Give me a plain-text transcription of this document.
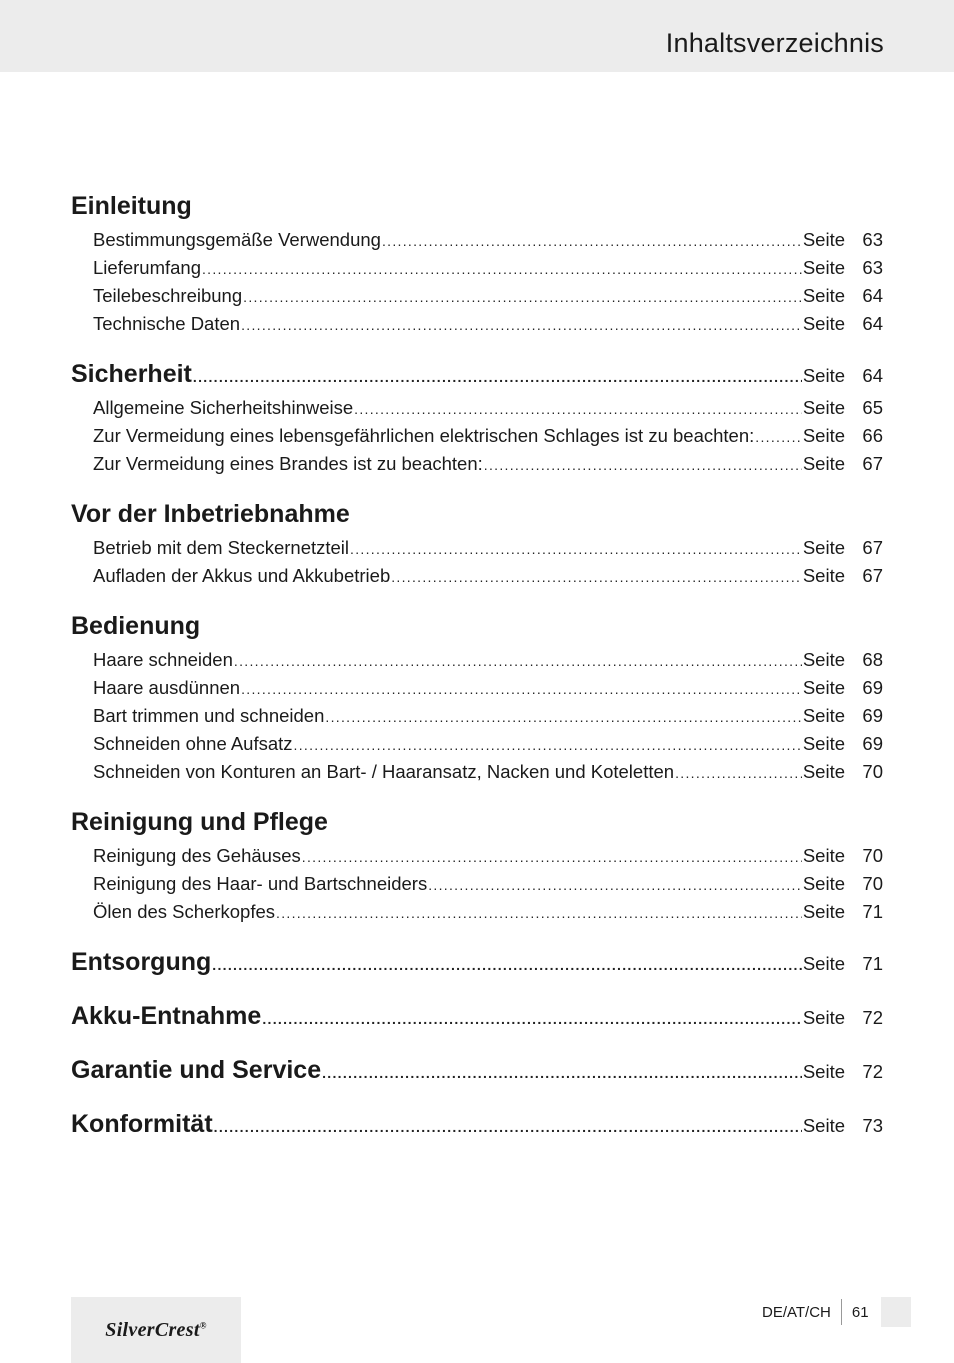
Inhaltsverzeichnis
Einleitung
Bestimmungsgemäße Verwendung .....	Seite 63
Lieferumfang .....	Seite 63
Teilebeschreibung .....	Seite 64
Technische Daten .....	Seite 64
Sicherheit .....	Seite 64
Allgemeine Sicherheitshinweise .....	Seite 65
Zur Vermeidung eines lebensgefährlichen elektrischen Schlages ist zu beachten: .....	Seite 66
Zur Vermeidung eines Brandes ist zu beachten: .....	Seite 67
Vor der Inbetriebnahme
Betrieb mit dem Steckernetzteil .....	Seite 67
Aufladen der Akkus und Akkubetrieb .....	Seite 67
Bedienung
Haare schneiden .....	Seite 68
Haare ausdünnen .....	Seite 69
Bart trimmen und schneiden .....	Seite 69
Schneiden ohne Aufsatz .....	Seite 69
Schneiden von Konturen an Bart- / Haaransatz, Nacken und Koteletten .....	Seite 70
Reinigung und Pflege
Reinigung des Gehäuses .....	Seite 70
Reinigung des Haar- und Bartschneiders .....	Seite 70
Ölen des Scherkopfes .....	Seite 71
Entsorgung .....	Seite 71
Akku-Entnahme .....	Seite 72
Garantie und Service .....	Seite 72
Konformität .....	Seite 73
SilverCrest®
DE/AT/CH 61
